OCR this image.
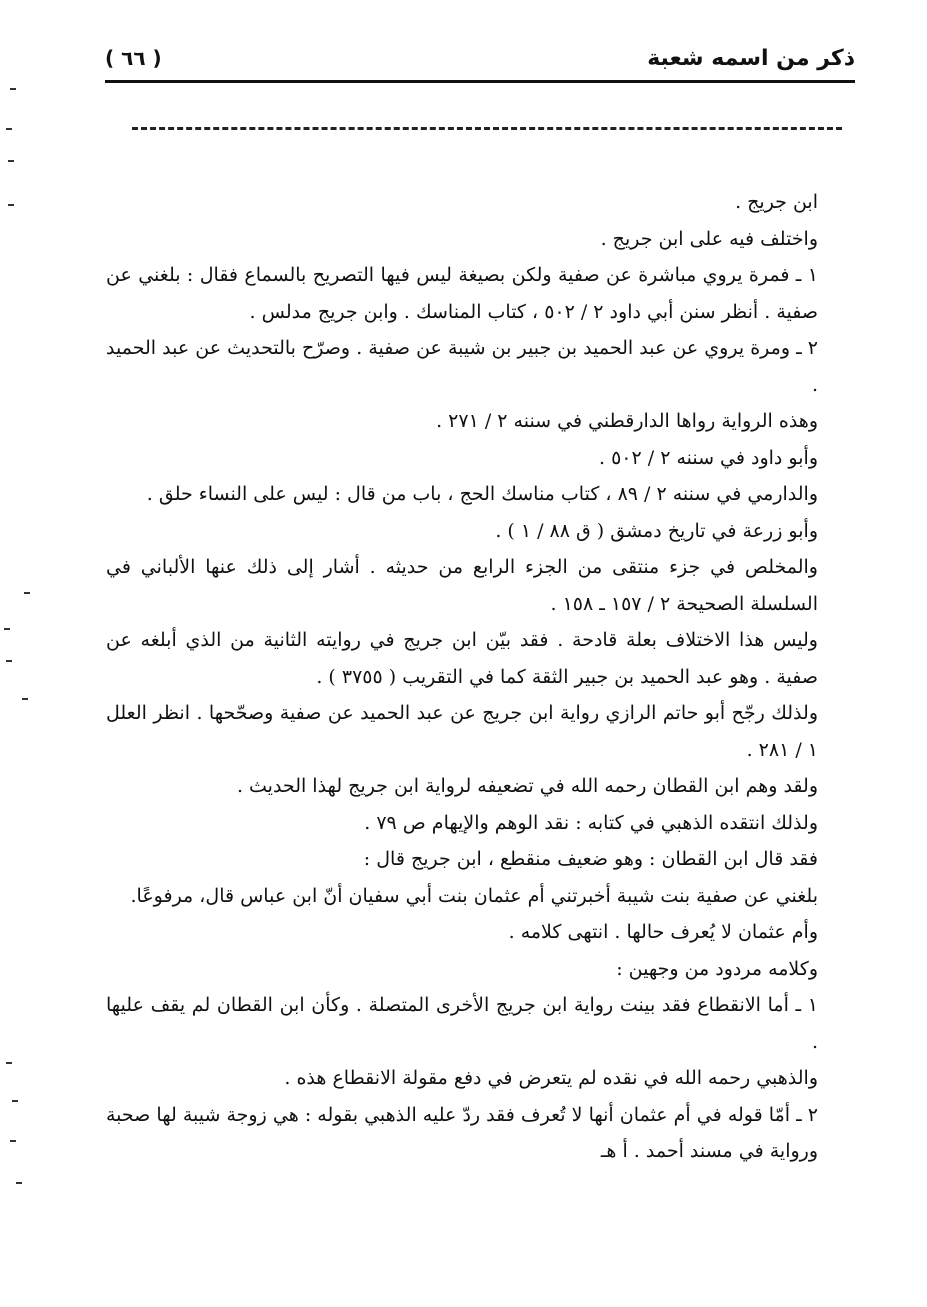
ذكر من اسمه شعبة
( ٦٦ )

ابن جريج .

واختلف فيه على ابن جريج .

١ ـ فمرة يروي مباشرة عن صفية ولكن بصيغة ليس فيها التصريح بالسماع فقال : بلغني عن صفية . أنظر سنن أبي داود ٢ / ٥٠٢ ، كتاب المناسك . وابن جريج مدلس .

٢ ـ ومرة يروي عن عبد الحميد بن جبير بن شيبة عن صفية . وصرّح بالتحديث عن عبد الحميد .

وهذه الرواية رواها الدارقطني في سننه ٢ / ٢٧١ .

وأبو داود في سننه ٢ / ٥٠٢ .

والدارمي في سننه ٢ / ٨٩ ، كتاب مناسك الحج ، باب من قال : ليس على النساء حلق .

وأبو زرعة في تاريخ دمشق ( ق ٨٨ / ١ ) .

والمخلص في جزء منتقى من الجزء الرابع من حديثه . أشار إلى ذلك عنها الألباني في السلسلة الصحيحة ٢ / ١٥٧ ـ ١٥٨ .

وليس هذا الاختلاف بعلة قادحة . فقد بيّن ابن جريج في روايته الثانية من الذي أبلغه عن صفية . وهو عبد الحميد بن جبير الثقة كما في التقريب ( ٣٧٥٥ ) .

ولذلك رجّح أبو حاتم الرازي رواية ابن جريج عن عبد الحميد عن صفية وصحّحها . انظر العلل ١ / ٢٨١ .

ولقد وهم ابن القطان رحمه الله في تضعيفه لرواية ابن جريج لهذا الحديث .

ولذلك انتقده الذهبي في كتابه : نقد الوهم والإيهام ص ٧٩ .

فقد قال ابن القطان : وهو ضعيف منقطع ، ابن جريج قال :

بلغني عن صفية بنت شيبة أخبرتني أم عثمان بنت أبي سفيان أنّ ابن عباس قال، مرفوعًا.

وأم عثمان لا يُعرف حالها . انتهى كلامه .

وكلامه مردود من وجهين :

١ ـ أما الانقطاع فقد بينت رواية ابن جريج الأخرى المتصلة . وكأن ابن القطان لم يقف عليها .

والذهبي رحمه الله في نقده لم يتعرض في دفع مقولة الانقطاع هذه .

٢ ـ أمّا قوله في أم عثمان أنها لا تُعرف فقد ردّ عليه الذهبي بقوله : هي زوجة شيبة لها صحبة ورواية في مسند أحمد . أ هـ
